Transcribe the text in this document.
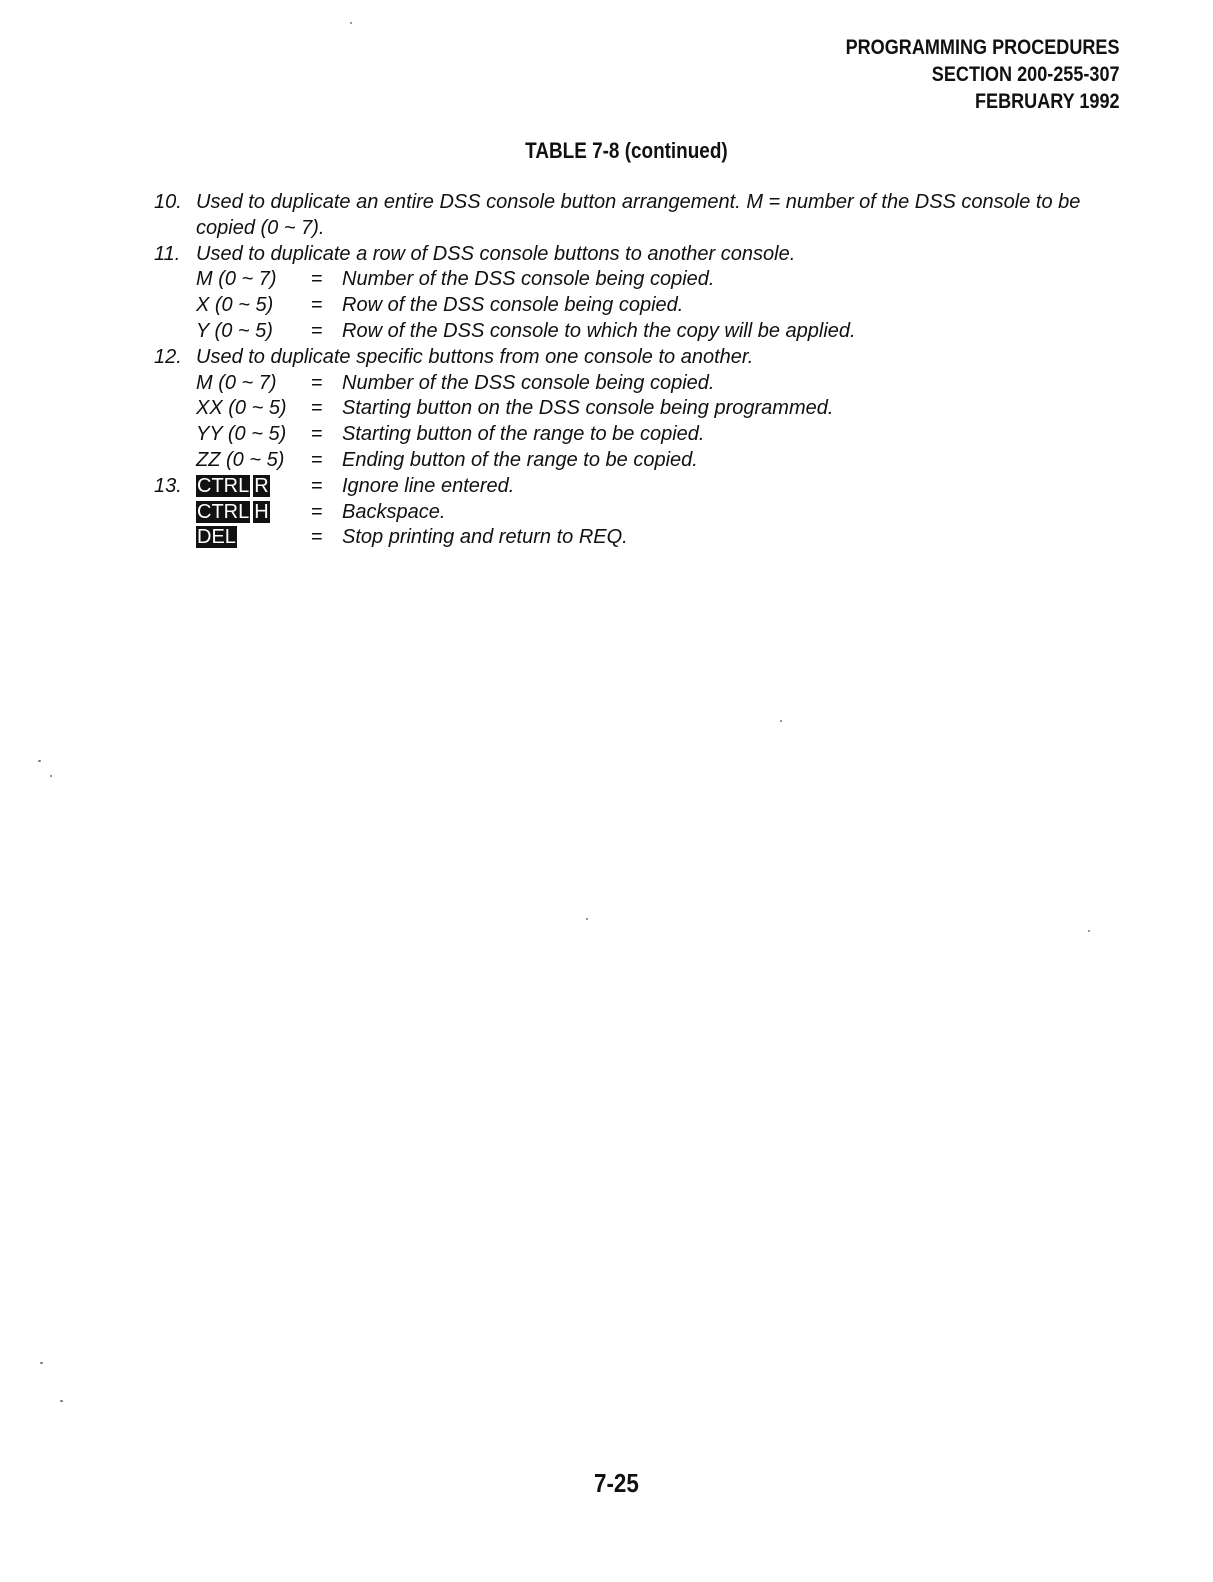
PROGRAMMING PROCEDURES
SECTION 200-255-307
FEBRUARY 1992
TABLE 7-8 (continued)
10. Used to duplicate an entire DSS console button arrangement. M = number of the DSS console to be copied (0 ~ 7).
11. Used to duplicate a row of DSS console buttons to another console.
M (0 ~ 7)	= Number of the DSS console being copied.
X (0 ~ 5)	= Row of the DSS console being copied.
Y (0 ~ 5)	= Row of the DSS console to which the copy will be applied.
12. Used to duplicate specific buttons from one console to another.
M (0 ~ 7)	= Number of the DSS console being copied.
XX (0 ~ 5)	= Starting button on the DSS console being programmed.
YY (0 ~ 5)	= Starting button of the range to be copied.
ZZ (0 ~ 5)	= Ending button of the range to be copied.
13. CTRL R	= Ignore line entered.
CTRL H	= Backspace.
DEL	= Stop printing and return to REQ.
7-25
